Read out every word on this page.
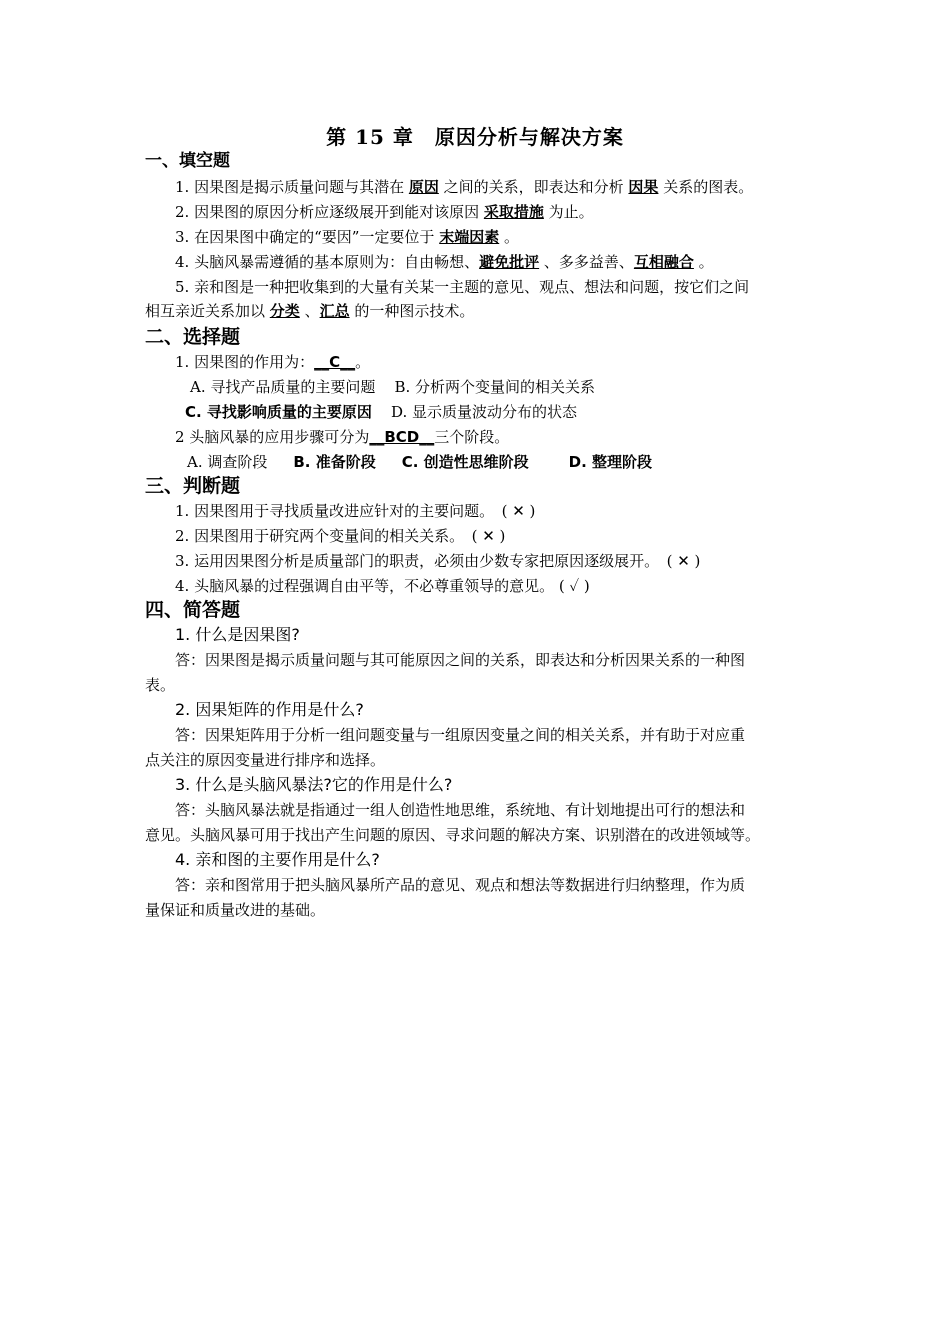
第 15 章　原因分析与解决方案
一、填空题
1. 因果图是揭示质量问题与其潜在 原因 之间的关系，即表达和分析 因果 关系的图表。
2. 因果图的原因分析应逐级展开到能对该原因 采取措施 为止。
3. 在因果图中确定的“要因”一定要位于 末端因素 。
4. 头脑风暴需遵循的基本原则为：自由畅想、避免批评 、多多益善、互相融合 。
5. 亲和图是一种把收集到的大量有关某一主题的意见、观点、想法和问题，按它们之间
相互亲近关系加以 分类 、汇总 的一种图示技术。
二、选择题
1. 因果图的作用为：__C__。
A. 寻找产品质量的主要问题 B. 分析两个变量间的相关关系
C. 寻找影响质量的主要原因 D. 显示质量波动分布的状态
2 头脑风暴的应用步骤可分为__BCD__三个阶段。
A. 调查阶段 B. 准备阶段 C. 创造性思维阶段	D. 整理阶段
三、判断题
1. 因果图用于寻找质量改进应针对的主要问题。　( ✕ )
2. 因果图用于研究两个变量间的相关关系。　( ✕ )
3. 运用因果图分析是质量部门的职责，必须由少数专家把原因逐级展开。　( ✕ )
4. 头脑风暴的过程强调自由平等，不必尊重领导的意见。 ( ✓ )
四、简答题
1. 什么是因果图?
答：因果图是揭示质量问题与其可能原因之间的关系，即表达和分析因果关系的一种图
表。
2. 因果矩阵的作用是什么?
答：因果矩阵用于分析一组问题变量与一组原因变量之间的相关关系，并有助于对应重
点关注的原因变量进行排序和选择。
3. 什么是头脑风暴法?它的作用是什么?
答：头脑风暴法就是指通过一组人创造性地思维，系统地、有计划地提出可行的想法和
意见。头脑风暴可用于找出产生问题的原因、寻求问题的解决方案、识别潜在的改进领域等。
4. 亲和图的主要作用是什么?
答：亲和图常用于把头脑风暴所产品的意见、观点和想法等数据进行归纳整理，作为质
量保证和质量改进的基础。
